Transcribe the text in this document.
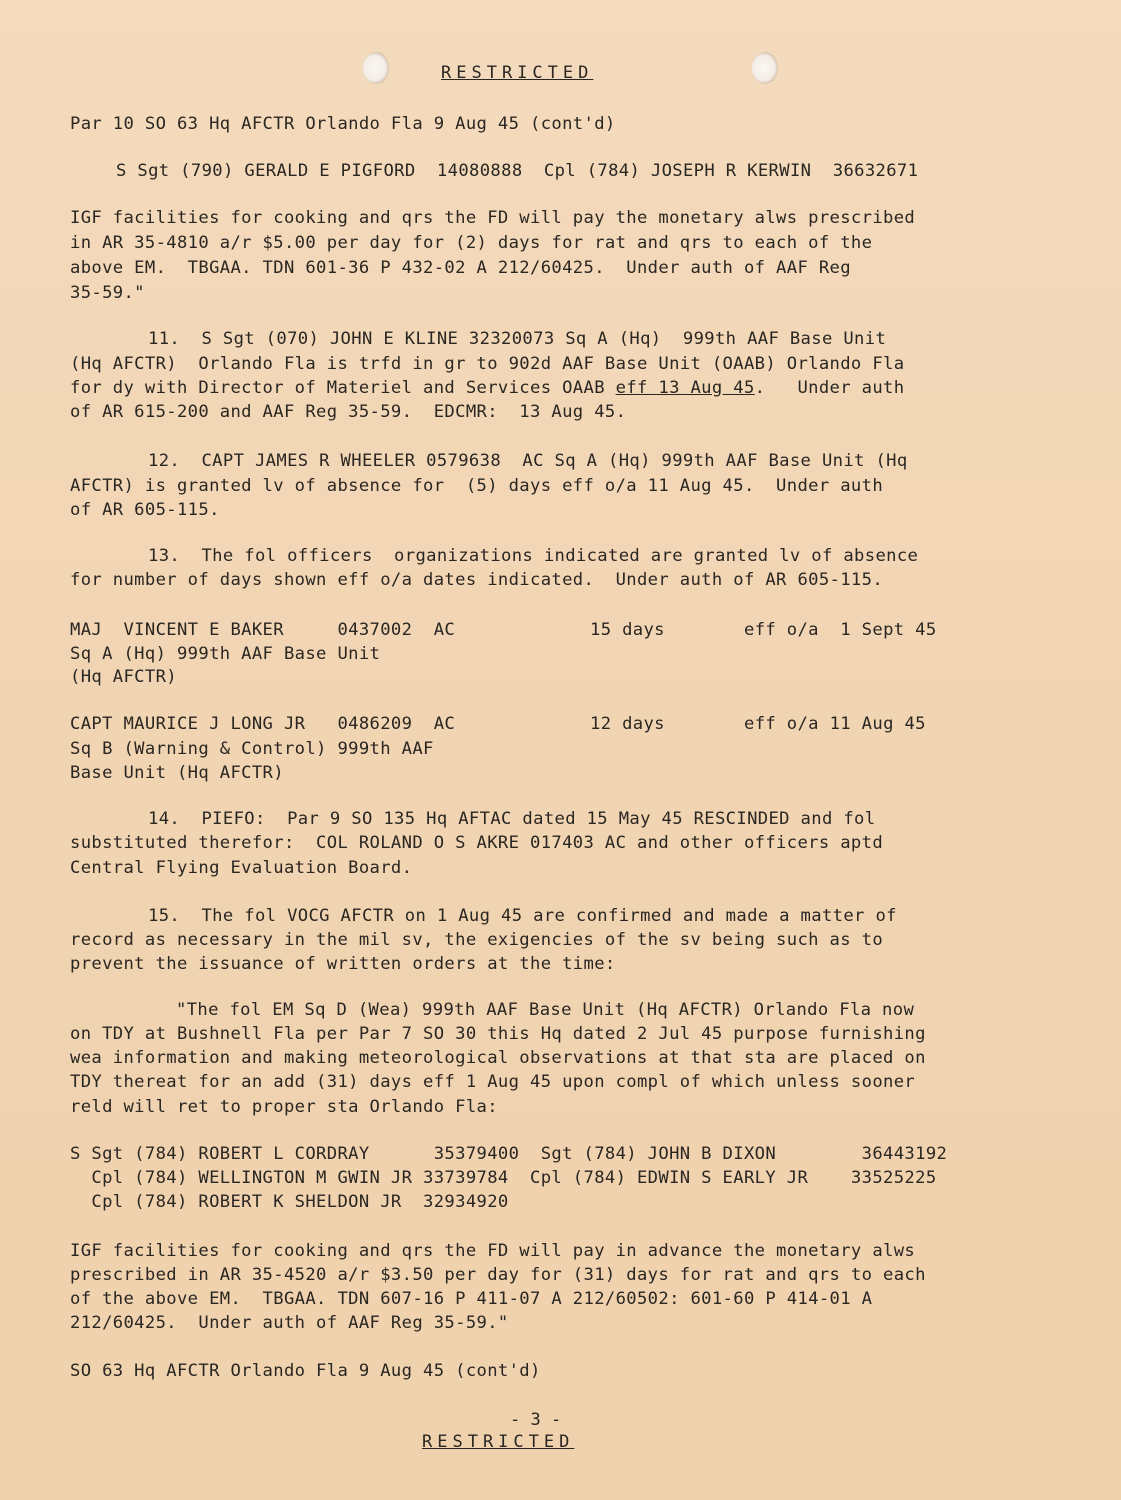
RESTRICTED
Par 10 SO 63 Hq AFCTR Orlando Fla 9 Aug 45 (cont'd)
S Sgt (790) GERALD E PIGFORD  14080888  Cpl (784) JOSEPH R KERWIN  36632671
IGF facilities for cooking and qrs the FD will pay the monetary alws prescribed
in AR 35-4810 a/r $5.00 per day for (2) days for rat and qrs to each of the
above EM.  TBGAA. TDN 601-36 P 432-02 A 212/60425.  Under auth of AAF Reg
35-59."
11.  S Sgt (070) JOHN E KLINE 32320073 Sq A (Hq)  999th AAF Base Unit
(Hq AFCTR)  Orlando Fla is trfd in gr to 902d AAF Base Unit (OAAB) Orlando Fla
for dy with Director of Materiel and Services OAAB eff 13 Aug 45.   Under auth
of AR 615-200 and AAF Reg 35-59.  EDCMR:  13 Aug 45.
12.  CAPT JAMES R WHEELER 0579638  AC Sq A (Hq) 999th AAF Base Unit (Hq
AFCTR) is granted lv of absence for  (5) days eff o/a 11 Aug 45.  Under auth
of AR 605-115.
13.  The fol officers  organizations indicated are granted lv of absence
for number of days shown eff o/a dates indicated.  Under auth of AR 605-115.
MAJ  VINCENT E BAKER     0437002  AC	15 days	eff o/a  1 Sept 45
Sq A (Hq) 999th AAF Base Unit
(Hq AFCTR)
CAPT MAURICE J LONG JR   0486209  AC	12 days	eff o/a 11 Aug 45
Sq B (Warning & Control) 999th AAF
Base Unit (Hq AFCTR)
14.  PIEFO:  Par 9 SO 135 Hq AFTAC dated 15 May 45 RESCINDED and fol
substituted therefor:  COL ROLAND O S AKRE 017403 AC and other officers aptd
Central Flying Evaluation Board.
15.  The fol VOCG AFCTR on 1 Aug 45 are confirmed and made a matter of
record as necessary in the mil sv, the exigencies of the sv being such as to
prevent the issuance of written orders at the time:
"The fol EM Sq D (Wea) 999th AAF Base Unit (Hq AFCTR) Orlando Fla now
on TDY at Bushnell Fla per Par 7 SO 30 this Hq dated 2 Jul 45 purpose furnishing
wea information and making meteorological observations at that sta are placed on
TDY thereat for an add (31) days eff 1 Aug 45 upon compl of which unless sooner
reld will ret to proper sta Orlando Fla:
S Sgt (784) ROBERT L CORDRAY      35379400  Sgt (784) JOHN B DIXON        36443192
Cpl (784) WELLINGTON M GWIN JR 33739784  Cpl (784) EDWIN S EARLY JR    33525225
Cpl (784) ROBERT K SHELDON JR  32934920
IGF facilities for cooking and qrs the FD will pay in advance the monetary alws
prescribed in AR 35-4520 a/r $3.50 per day for (31) days for rat and qrs to each
of the above EM.  TBGAA. TDN 607-16 P 411-07 A 212/60502: 601-60 P 414-01 A
212/60425.  Under auth of AAF Reg 35-59."
SO 63 Hq AFCTR Orlando Fla 9 Aug 45 (cont'd)
- 3 -
RESTRICTED
